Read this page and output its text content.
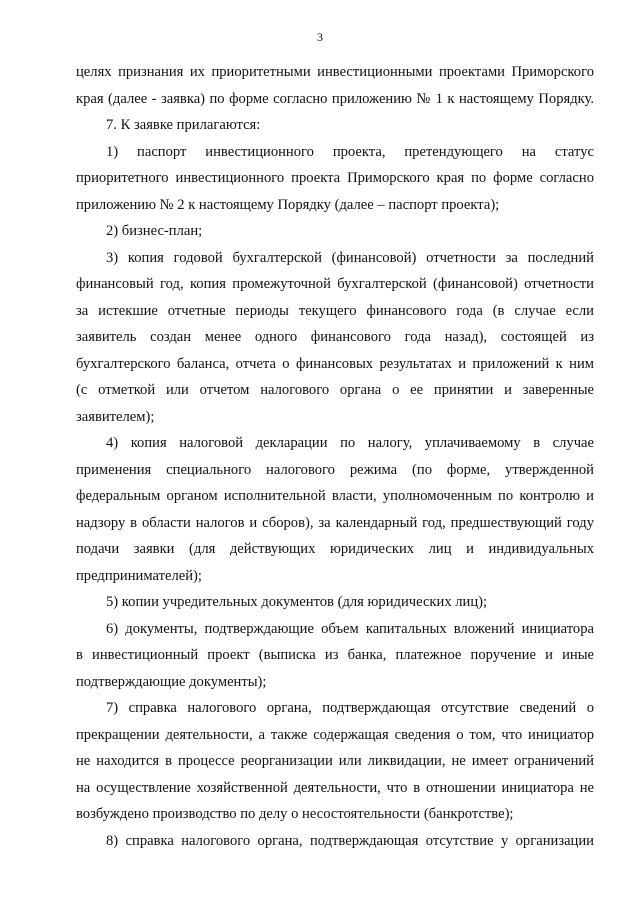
3
целях признания их приоритетными инвестиционными проектами Приморского
края (далее - заявка) по форме согласно приложению № 1 к настоящему Порядку.
7. К заявке прилагаются:
1) паспорт инвестиционного проекта, претендующего на статус
приоритетного инвестиционного проекта Приморского края по форме согласно
приложению № 2 к настоящему Порядку (далее – паспорт проекта);
2) бизнес-план;
3) копия годовой бухгалтерской (финансовой) отчетности за последний
финансовый год, копия промежуточной бухгалтерской (финансовой) отчетности
за истекшие отчетные периоды текущего финансового года (в случае если
заявитель создан менее одного финансового года назад), состоящей из
бухгалтерского баланса, отчета о финансовых результатах и приложений к ним
(с отметкой или отчетом налогового органа о ее принятии и заверенные
заявителем);
4) копия налоговой декларации по налогу, уплачиваемому в случае
применения специального налогового режима (по форме, утвержденной
федеральным органом исполнительной власти, уполномоченным по контролю и
надзору в области налогов и сборов), за календарный год, предшествующий году
подачи заявки (для действующих юридических лиц и индивидуальных
предпринимателей);
5) копии учредительных документов (для юридических лиц);
6) документы, подтверждающие объем капитальных вложений инициатора
в инвестиционный проект (выписка из банка, платежное поручение и иные
подтверждающие документы);
7) справка налогового органа, подтверждающая отсутствие сведений о
прекращении деятельности, а также содержащая сведения о том, что инициатор
не находится в процессе реорганизации или ликвидации, не имеет ограничений
на осуществление хозяйственной деятельности, что в отношении инициатора не
возбуждено производство по делу о несостоятельности (банкротстве);
8) справка налогового органа, подтверждающая отсутствие у организации
